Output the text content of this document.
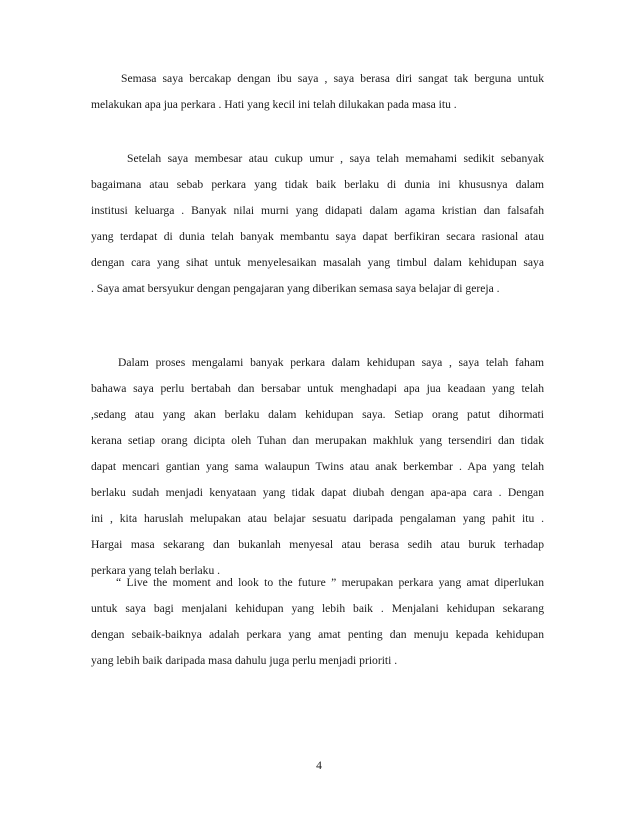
Semasa saya bercakap dengan ibu saya , saya berasa diri sangat tak berguna untuk
melakukan apa jua perkara . Hati yang kecil ini telah dilukakan pada masa itu .
Setelah saya membesar atau cukup umur , saya telah memahami sedikit sebanyak
bagaimana atau sebab perkara yang tidak baik berlaku di dunia ini khususnya dalam
institusi keluarga . Banyak nilai murni yang didapati dalam agama kristian dan falsafah
yang terdapat di dunia telah banyak membantu saya dapat berfikiran secara rasional atau
dengan cara yang sihat untuk menyelesaikan masalah yang timbul dalam kehidupan saya
. Saya amat bersyukur dengan pengajaran yang diberikan semasa saya belajar di gereja .
Dalam proses mengalami banyak perkara dalam kehidupan saya , saya telah faham
bahawa saya perlu bertabah dan bersabar untuk menghadapi apa jua keadaan yang telah
,sedang atau yang akan berlaku dalam kehidupan saya. Setiap orang patut dihormati
kerana setiap orang dicipta oleh Tuhan dan merupakan makhluk yang tersendiri dan tidak
dapat mencari gantian yang sama walaupun Twins atau anak berkembar . Apa yang telah
berlaku sudah menjadi kenyataan yang tidak dapat diubah dengan apa-apa cara . Dengan
ini , kita haruslah melupakan atau belajar sesuatu daripada pengalaman yang pahit itu .
Hargai masa sekarang dan bukanlah menyesal atau berasa sedih atau buruk terhadap
perkara yang telah berlaku .
“ Live the moment and look to the future ” merupakan perkara yang amat diperlukan
untuk saya bagi menjalani kehidupan yang lebih baik . Menjalani kehidupan sekarang
dengan sebaik-baiknya adalah perkara yang amat penting dan menuju kepada kehidupan
yang lebih baik daripada masa dahulu juga perlu menjadi prioriti .
4
